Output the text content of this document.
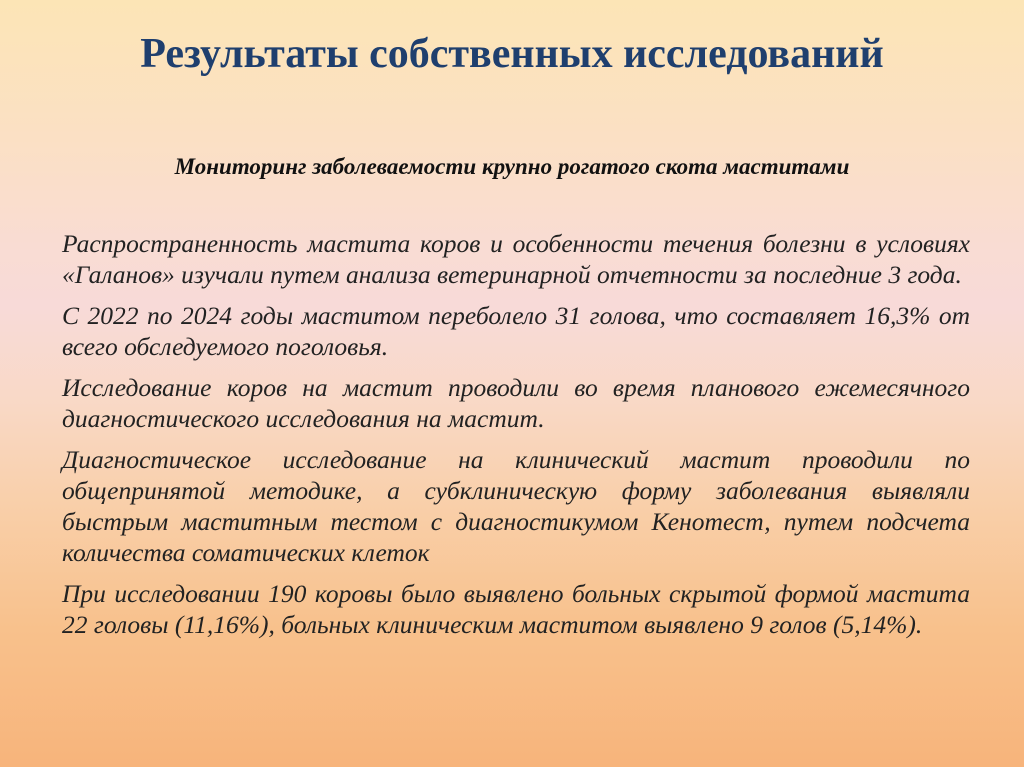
Результаты собственных исследований

Мониторинг заболеваемости крупно рогатого скота маститами

Распространенность мастита коров и особенности течения болезни в условиях «Галанов» изучали путем анализа ветеринарной отчетности за последние 3 года.

С 2022 по 2024 годы маститом переболело 31 голова, что составляет 16,3% от всего обследуемого поголовья.

Исследование коров на мастит проводили во время планового ежемесячного диагностического исследования на мастит.

Диагностическое исследование на клинический мастит проводили по общепринятой методике, а субклиническую форму заболевания выявляли быстрым маститным тестом с диагностикумом Кенотест, путем подсчета количества соматических клеток

При исследовании 190 коровы было выявлено больных скрытой формой мастита 22 головы (11,16%), больных клиническим маститом выявлено 9 голов (5,14%).
